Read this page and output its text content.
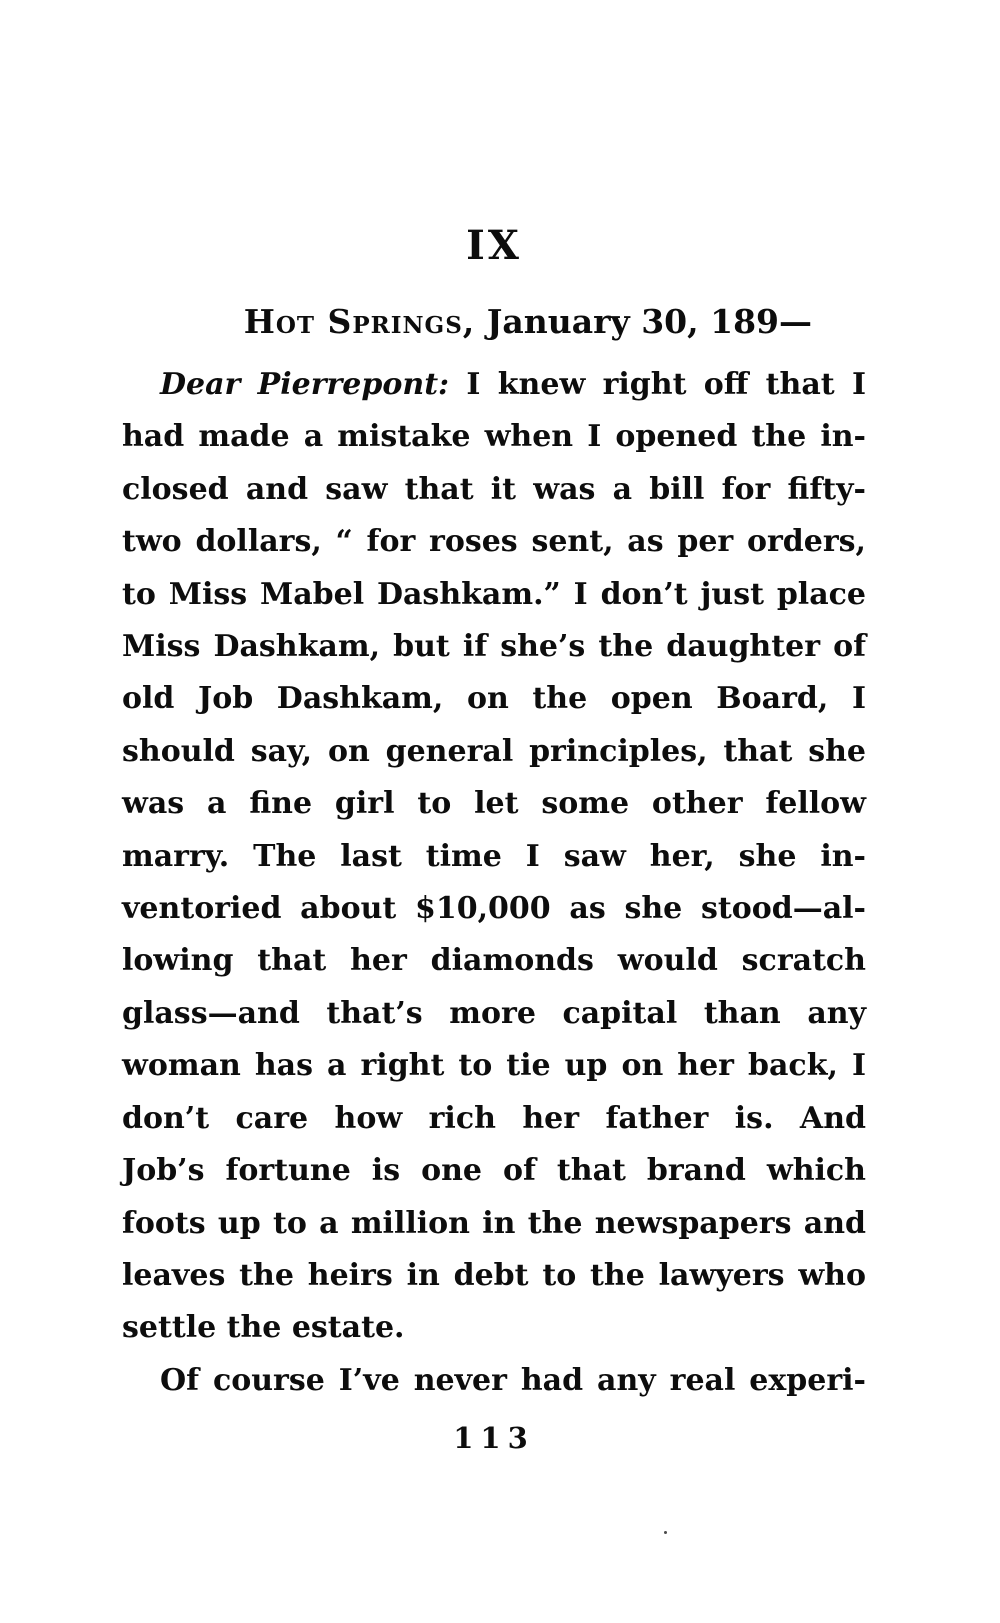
IX
Hot Springs, January 30, 189—
Dear Pierrepont: I knew right off that I
had made a mistake when I opened the in-
closed and saw that it was a bill for fifty-
two dollars, “ for roses sent, as per orders,
to Miss Mabel Dashkam.” I don’t just place
Miss Dashkam, but if she’s the daughter of
old Job Dashkam, on the open Board, I
should say, on general principles, that she
was a fine girl to let some other fellow
marry. The last time I saw her, she in-
ventoried about $10,000 as she stood—al-
lowing that her diamonds would scratch
glass—and that’s more capital than any
woman has a right to tie up on her back, I
don’t care how rich her father is. And
Job’s fortune is one of that brand which
foots up to a million in the newspapers and
leaves the heirs in debt to the lawyers who
settle the estate.
Of course I’ve never had any real experi-
113
